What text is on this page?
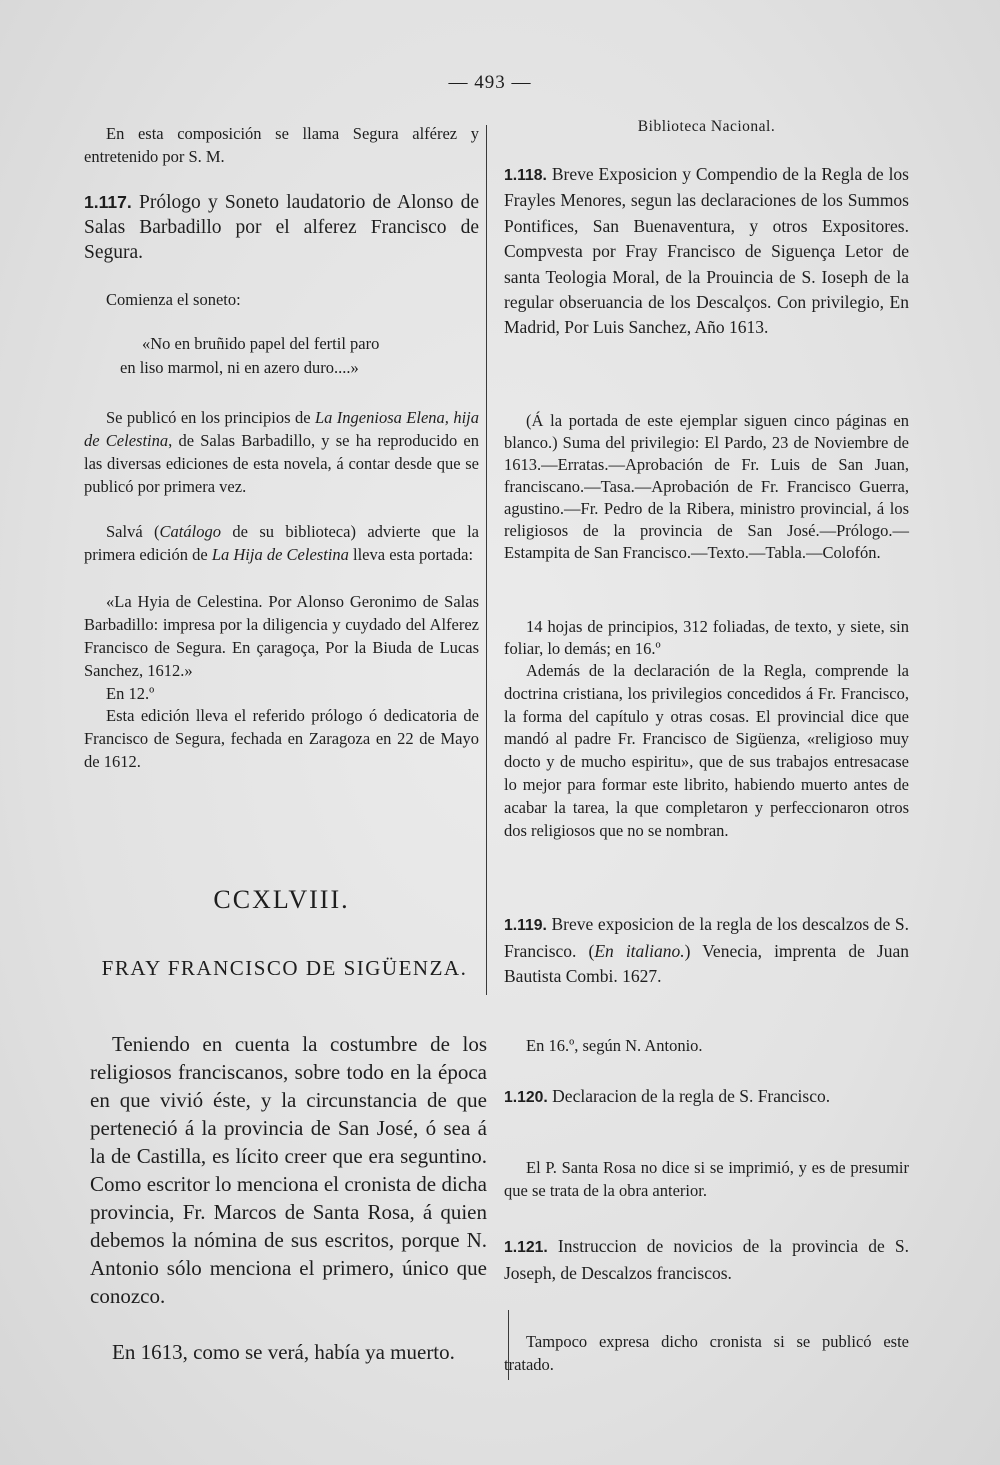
— 493 —

En esta composición se llama Segura alférez y entretenido por S. M.

1.117. Prólogo y Soneto laudatorio de Alonso de Salas Barbadillo por el alferez Francisco de Segura.

Comienza el soneto:

«No en bruñido papel del fertil paro

en liso marmol, ni en azero duro....»

Se publicó en los principios de La Ingeniosa Elena, hija de Celestina, de Salas Barbadillo, y se ha reproducido en las diversas ediciones de esta novela, á contar desde que se publicó por primera vez.

Salvá (Catálogo de su biblioteca) advierte que la primera edición de La Hija de Celestina lleva esta portada:

«La Hyia de Celestina. Por Alonso Geronimo de Salas Barbadillo: impresa por la diligencia y cuydado del Alferez Francisco de Segura. En çaragoça, Por la Biuda de Lucas Sanchez, 1612.»

En 12.º

Esta edición lleva el referido prólogo ó dedicatoria de Francisco de Segura, fechada en Zaragoza en 22 de Mayo de 1612.

CCXLVIII.
FRAY FRANCISCO DE SIGÜENZA.

Teniendo en cuenta la costumbre de los religiosos franciscanos, sobre todo en la época en que vivió éste, y la circunstancia de que perteneció á la provincia de San José, ó sea á la de Castilla, es lícito creer que era seguntino. Como escritor lo menciona el cronista de dicha provincia, Fr. Marcos de Santa Rosa, á quien debemos la nómina de sus escritos, porque N. Antonio sólo menciona el primero, único que conozco.

En 1613, como se verá, había ya muerto.

Biblioteca Nacional.

1.118. Breve Exposicion y Compendio de la Regla de los Frayles Menores, segun las declaraciones de los Summos Pontifices, San Buenaventura, y otros Expositores. Compvesta por Fray Francisco de Siguença Letor de santa Teologia Moral, de la Prouincia de S. Ioseph de la regular obseruancia de los Descalços. Con privilegio, En Madrid, Por Luis Sanchez, Año 1613.

(Á la portada de este ejemplar siguen cinco páginas en blanco.) Suma del privilegio: El Pardo, 23 de Noviembre de 1613.—Erratas.—Aprobación de Fr. Luis de San Juan, franciscano.—Tasa.—Aprobación de Fr. Francisco Guerra, agustino.—Fr. Pedro de la Ribera, ministro provincial, á los religiosos de la provincia de San José.—Prólogo.—Estampita de San Francisco.—Texto.—Tabla.—Colofón.

14 hojas de principios, 312 foliadas, de texto, y siete, sin foliar, lo demás; en 16.º

Además de la declaración de la Regla, comprende la doctrina cristiana, los privilegios concedidos á Fr. Francisco, la forma del capítulo y otras cosas. El provincial dice que mandó al padre Fr. Francisco de Sigüenza, «religioso muy docto y de mucho espiritu», que de sus trabajos entresacase lo mejor para formar este librito, habiendo muerto antes de acabar la tarea, la que completaron y perfeccionaron otros dos religiosos que no se nombran.

1.119. Breve exposicion de la regla de los descalzos de S. Francisco. (En italiano.) Venecia, imprenta de Juan Bautista Combi. 1627.

En 16.º, según N. Antonio.

1.120. Declaracion de la regla de S. Francisco.

El P. Santa Rosa no dice si se imprimió, y es de presumir que se trata de la obra anterior.

1.121. Instruccion de novicios de la provincia de S. Joseph, de Descalzos franciscos.

Tampoco expresa dicho cronista si se publicó este tratado.
